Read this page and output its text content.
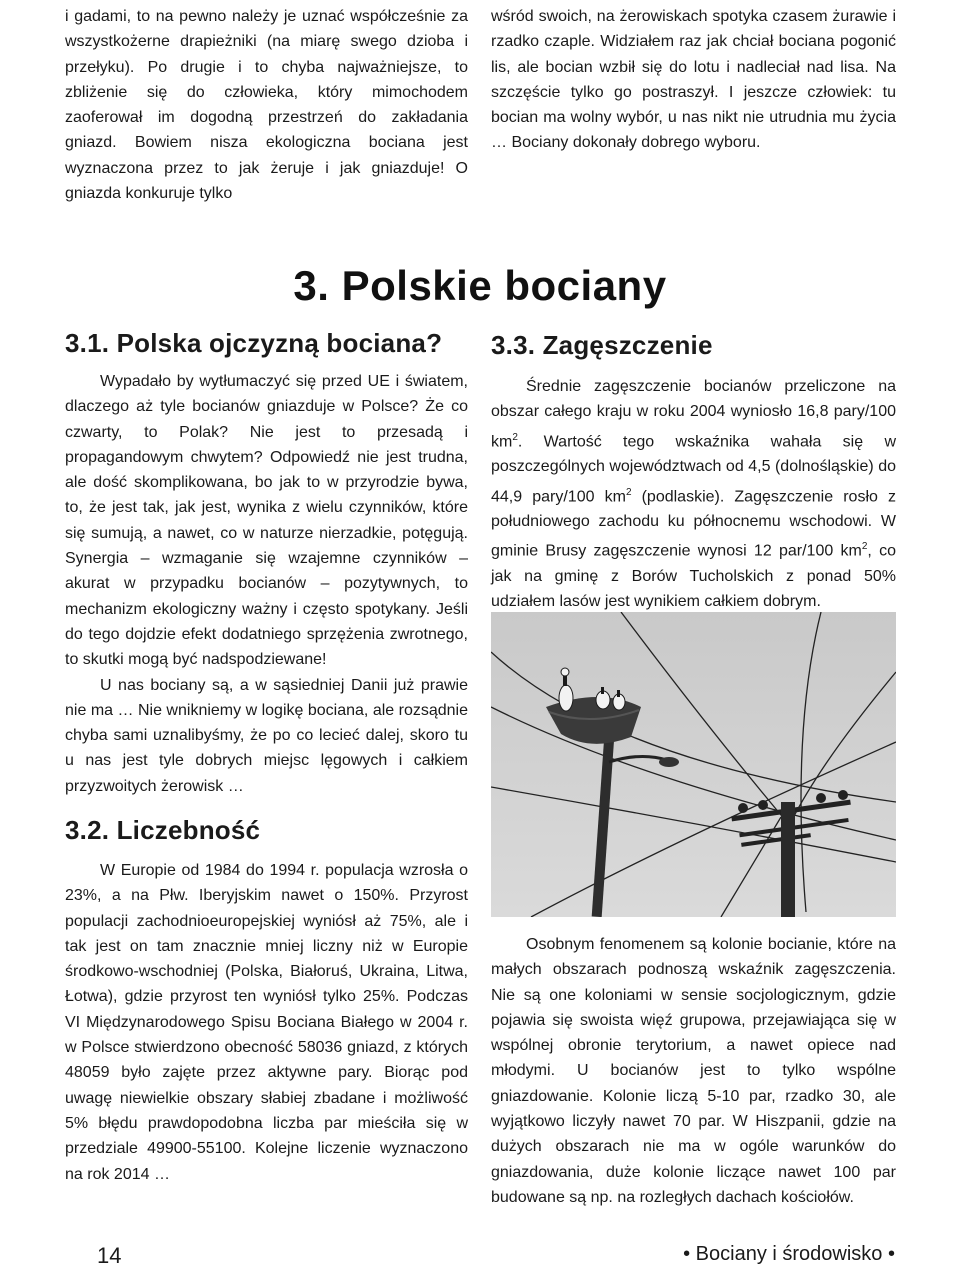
i gadami, to na pewno należy je uznać współcześnie za wszystkożerne drapieżniki (na miarę swego dzioba i przełyku). Po drugie i to chyba najważniejsze, to zbliżenie się do człowieka, który mimochodem zaoferował im dogodną przestrzeń do zakładania gniazd. Bowiem nisza ekologiczna bociana jest wyznaczona przez to jak żeruje i jak gniazduje! O gniazda konkuruje tylko

wśród swoich, na żerowiskach spotyka czasem żurawie i rzadko czaple. Widziałem raz jak chciał bociana pogonić lis, ale bocian wzbił się do lotu i nadleciał nad lisa. Na szczęście tylko go postraszył. I jeszcze człowiek: tu bocian ma wolny wybór, u nas nikt nie utrudnia mu życia … Bociany dokonały dobrego wyboru.

3. Polskie bociany
3.1. Polska ojczyzną bociana?

Wypadało by wytłumaczyć się przed UE i światem, dlaczego aż tyle bocianów gniazduje w Polsce? Że co czwarty, to Polak? Nie jest to przesadą i propagandowym chwytem? Odpowiedź nie jest trudna, ale dość skomplikowana, bo jak to w przyrodzie bywa, to, że jest tak, jak jest, wynika z wielu czynników, które się sumują, a nawet, co w naturze nierzadkie, potęgują. Synergia – wzmaganie się wzajemne czynników – akurat w przypadku bocianów – pozytywnych, to mechanizm ekologiczny ważny i często spotykany. Jeśli do tego dojdzie efekt dodatniego sprzężenia zwrotnego, to skutki mogą być nadspodziewane!

U nas bociany są, a w sąsiedniej Danii już prawie nie ma … Nie wnikniemy w logikę bociana, ale rozsądnie chyba sami uznalibyśmy, że po co lecieć dalej, skoro tu u nas jest tyle dobrych miejsc lęgowych i całkiem przyzwoitych żerowisk …

3.2. Liczebność

W Europie od 1984 do 1994 r. populacja wzrosła o 23%, a na Płw. Iberyjskim nawet o 150%. Przyrost populacji zachodnioeuropejskiej wyniósł aż 75%, ale i tak jest on tam znacznie mniej liczny niż w Europie środkowo-wschodniej (Polska, Białoruś, Ukraina, Litwa, Łotwa), gdzie przyrost ten wyniósł tylko 25%. Podczas VI Międzynarodowego Spisu Bociana Białego w 2004 r. w Polsce stwierdzono obecność 58036 gniazd, z których 48059 było zajęte przez aktywne pary. Biorąc pod uwagę niewielkie obszary słabiej zbadane i możliwość 5% błędu prawdopodobna liczba par mieściła się w przedziale 49900-55100. Kolejne liczenie wyznaczono na rok 2014 …

3.3. Zagęszczenie

Średnie zagęszczenie bocianów przeliczone na obszar całego kraju w roku 2004 wyniosło 16,8 pary/100 $km^2$. Wartość tego wskaźnika wahała się w poszczególnych województwach od 4,5 (dolnośląskie) do 44,9 pary/100 $km^2$ (podlaskie). Zagęszczenie rosło z południowego zachodu ku północnemu wschodowi. W gminie Brusy zagęszczenie wynosi 12 par/100 $km^2$, co jak na gminę z Borów Tucholskich z ponad 50% udziałem lasów jest wynikiem całkiem dobrym.

Osobnym fenomenem są kolonie bocianie, które na małych obszarach podnoszą wskaźnik zagęszczenia. Nie są one koloniami w sensie socjologicznym, gdzie pojawia się swoista więź grupowa, przejawiająca się w wspólnej obronie terytorium, a nawet opiece nad młodymi. U bocianów jest to tylko wspólne gniazdowanie. Kolonie liczą 5-10 par, rzadko 30, ale wyjątkowo liczyły nawet 70 par. W Hiszpanii, gdzie na dużych obszarach nie ma w ogóle warunków do gniazdowania, duże kolonie liczące nawet 100 par budowane są np. na rozległych dachach kościołów.

14	• Bociany i środowisko •
